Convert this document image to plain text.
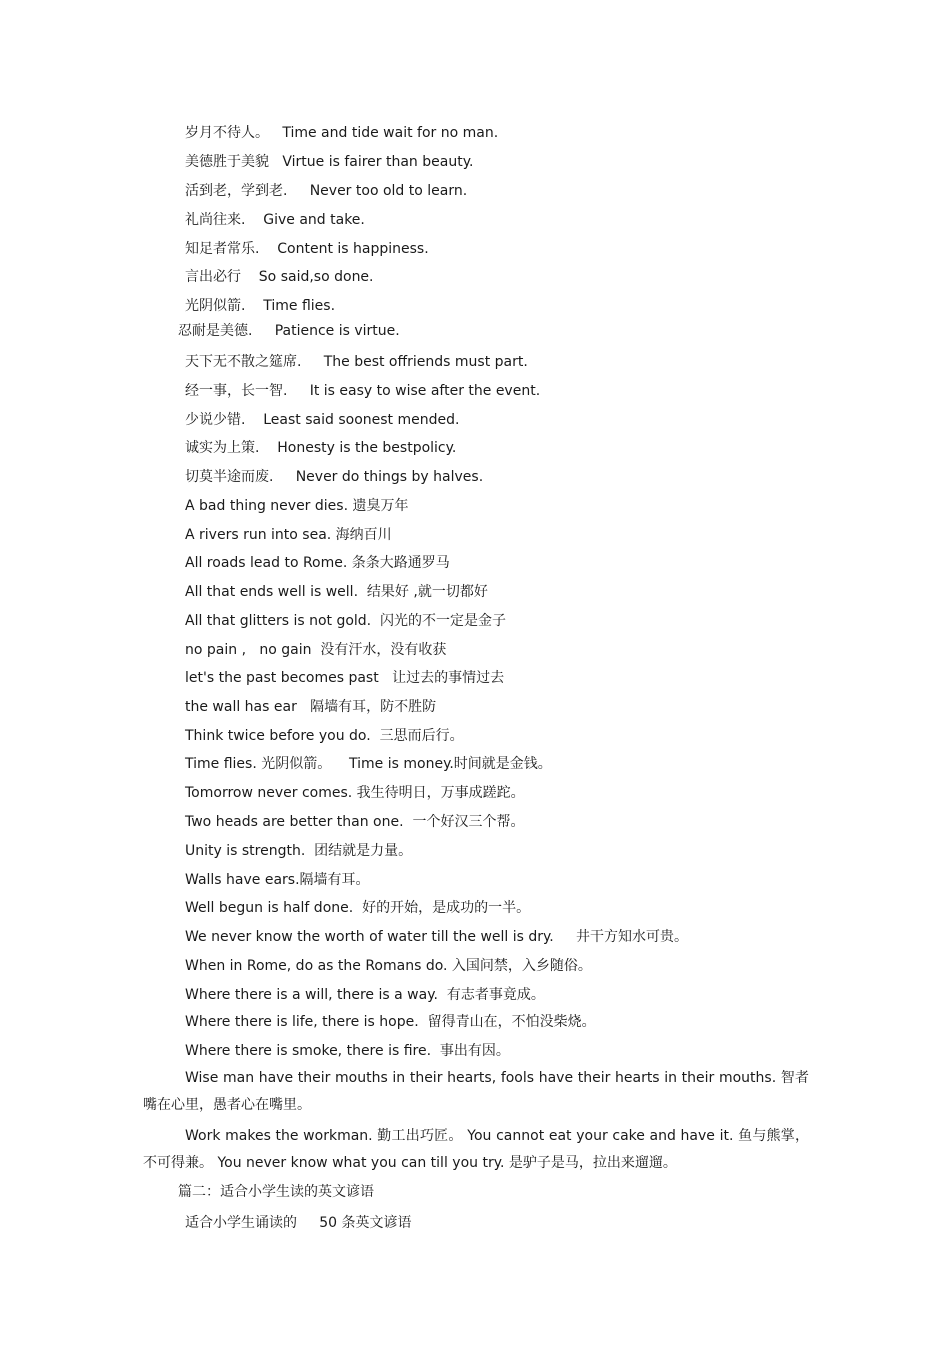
岁月不待人。   Time and tide wait for no man.
美德胜于美貌   Virtue is fairer than beauty.
活到老，学到老.     Never too old to learn.
礼尚往来.    Give and take.
知足者常乐.    Content is happiness.
言出必行    So said,so done.
光阴似箭.    Time flies.
忍耐是美德.     Patience is virtue.
天下无不散之筵席.     The best offriends must part.
经一事，长一智.     It is easy to wise after the event.
少说少错.    Least said soonest mended.
诚实为上策.    Honesty is the bestpolicy.
切莫半途而废.     Never do things by halves.
A bad thing never dies. 遗臭万年
A rivers run into sea. 海纳百川
All roads lead to Rome. 条条大路通罗马
All that ends well is well.  结果好 ,就一切都好
All that glitters is not gold.  闪光的不一定是金子
no pain ,   no gain  没有汗水，没有收获
let's the past becomes past   让过去的事情过去
the wall has ear   隔墙有耳，防不胜防
Think twice before you do.  三思而后行。
Time flies. 光阴似箭。    Time is money.时间就是金钱。
Tomorrow never comes. 我生待明日，万事成蹉跎。
Two heads are better than one.  一个好汉三个帮。
Unity is strength.  团结就是力量。
Walls have ears.隔墙有耳。
Well begun is half done.  好的开始，是成功的一半。
We never know the worth of water till the well is dry.     井干方知水可贵。
When in Rome, do as the Romans do. 入国问禁，入乡随俗。
Where there is a will, there is a way.  有志者事竟成。
Where there is life, there is hope.  留得青山在，不怕没柴烧。
Where there is smoke, there is fire.  事出有因。
Wise man have their mouths in their hearts, fools have their hearts in their mouths. 智者嘴在心里，愚者心在嘴里。
Work makes the workman. 勤工出巧匠。 You cannot eat your cake and have it. 鱼与熊掌，不可得兼。 You never know what you can till you try. 是驴子是马，拉出来遛遛。
篇二：适合小学生读的英文谚语
适合小学生诵读的     50 条英文谚语
